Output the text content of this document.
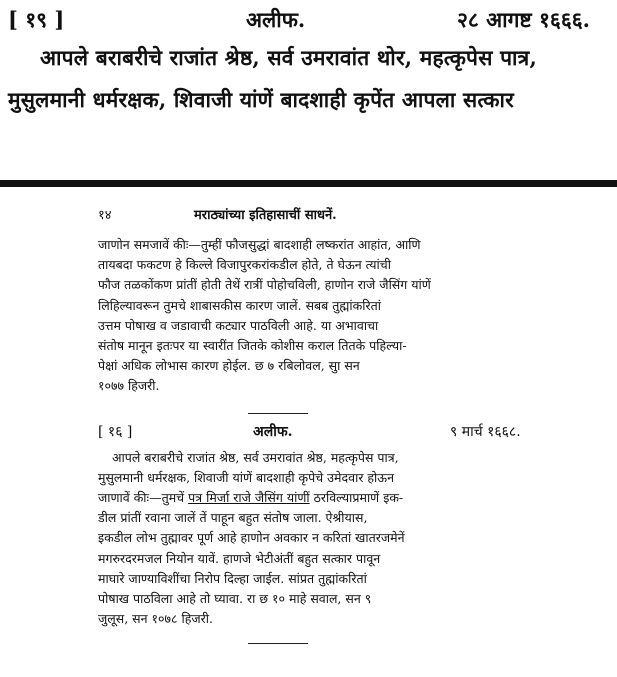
[ १९ ]	अलीफ.	२८ आगष्ट १६६६.
आपले बराबरीचे राजांत श्रेष्ठ, सर्व उमरावांत थोर, महत्कृपेस पात्र,
मुसुलमानी धर्मरक्षक, शिवाजी यांणें बादशाही कृपेंत आपला सत्कार
१४	मराठ्यांच्या इतिहासाचीं साधनें.
जाणोन समजावें कीः—तुम्हीं फौजसुद्धां बादशाही लष्करांत आहांत, आणि
तायबदा फकटण हे किल्ले विजापुरकरांकडील होते, ते घेऊन त्यांची
फौज तळकोंकण प्रांतीं होती तेथें रात्रीं पोहोचविली, हाणोन राजे जैसिंग यांणें
लिहिल्यावरून तुमचे शाबासकीस कारण जालें. सबब तुह्मांकरितां
उत्तम पोषाख व जडावाची कट्यार पाठविली आहे. या अभावाचा
संतोष मानून इतःपर या स्वारींत जितके कोशीस कराल तितके पहिल्या-
पेक्षां अधिक लोभास कारण होईल. छ ७ रबिलोवल, सुा सन
१०७७ हिजरी.
[ १६ ]	अलीफ.	९ मार्च १६६८.
आपले बराबरीचे राजांत श्रेष्ठ, सर्व उमरावांत श्रेष्ठ, महत्कृपेस पात्र,
मुसुलमानी धर्मरक्षक, शिवाजी यांणें बादशाही कृपेचे उमेदवार होऊन
जाणावें कीः—तुमचें पत्र मिर्जा राजे जैसिंग यांणीं ठरविल्याप्रमाणें इक-
डील प्रांतीं रवाना जालें तें पाहून बहुत संतोष जाला. ऐश्रीयास,
इकडील लोभ तुह्मावर पूर्ण आहे हाणोन अवकार न करितां खातरजमेनें
मगरुरदरमजल नियोन यावें. हाणजे भेटीअंतीं बहुत सत्कार पावून
माघारे जाण्याविशींचा निरोप दिल्हा जाईल. सांप्रत तुह्मांकरितां
पोषाख पाठविला आहे तो घ्यावा. रा छ १० माहे सवाल, सन ९
जुलूस, सन १०७८ हिजरी.
